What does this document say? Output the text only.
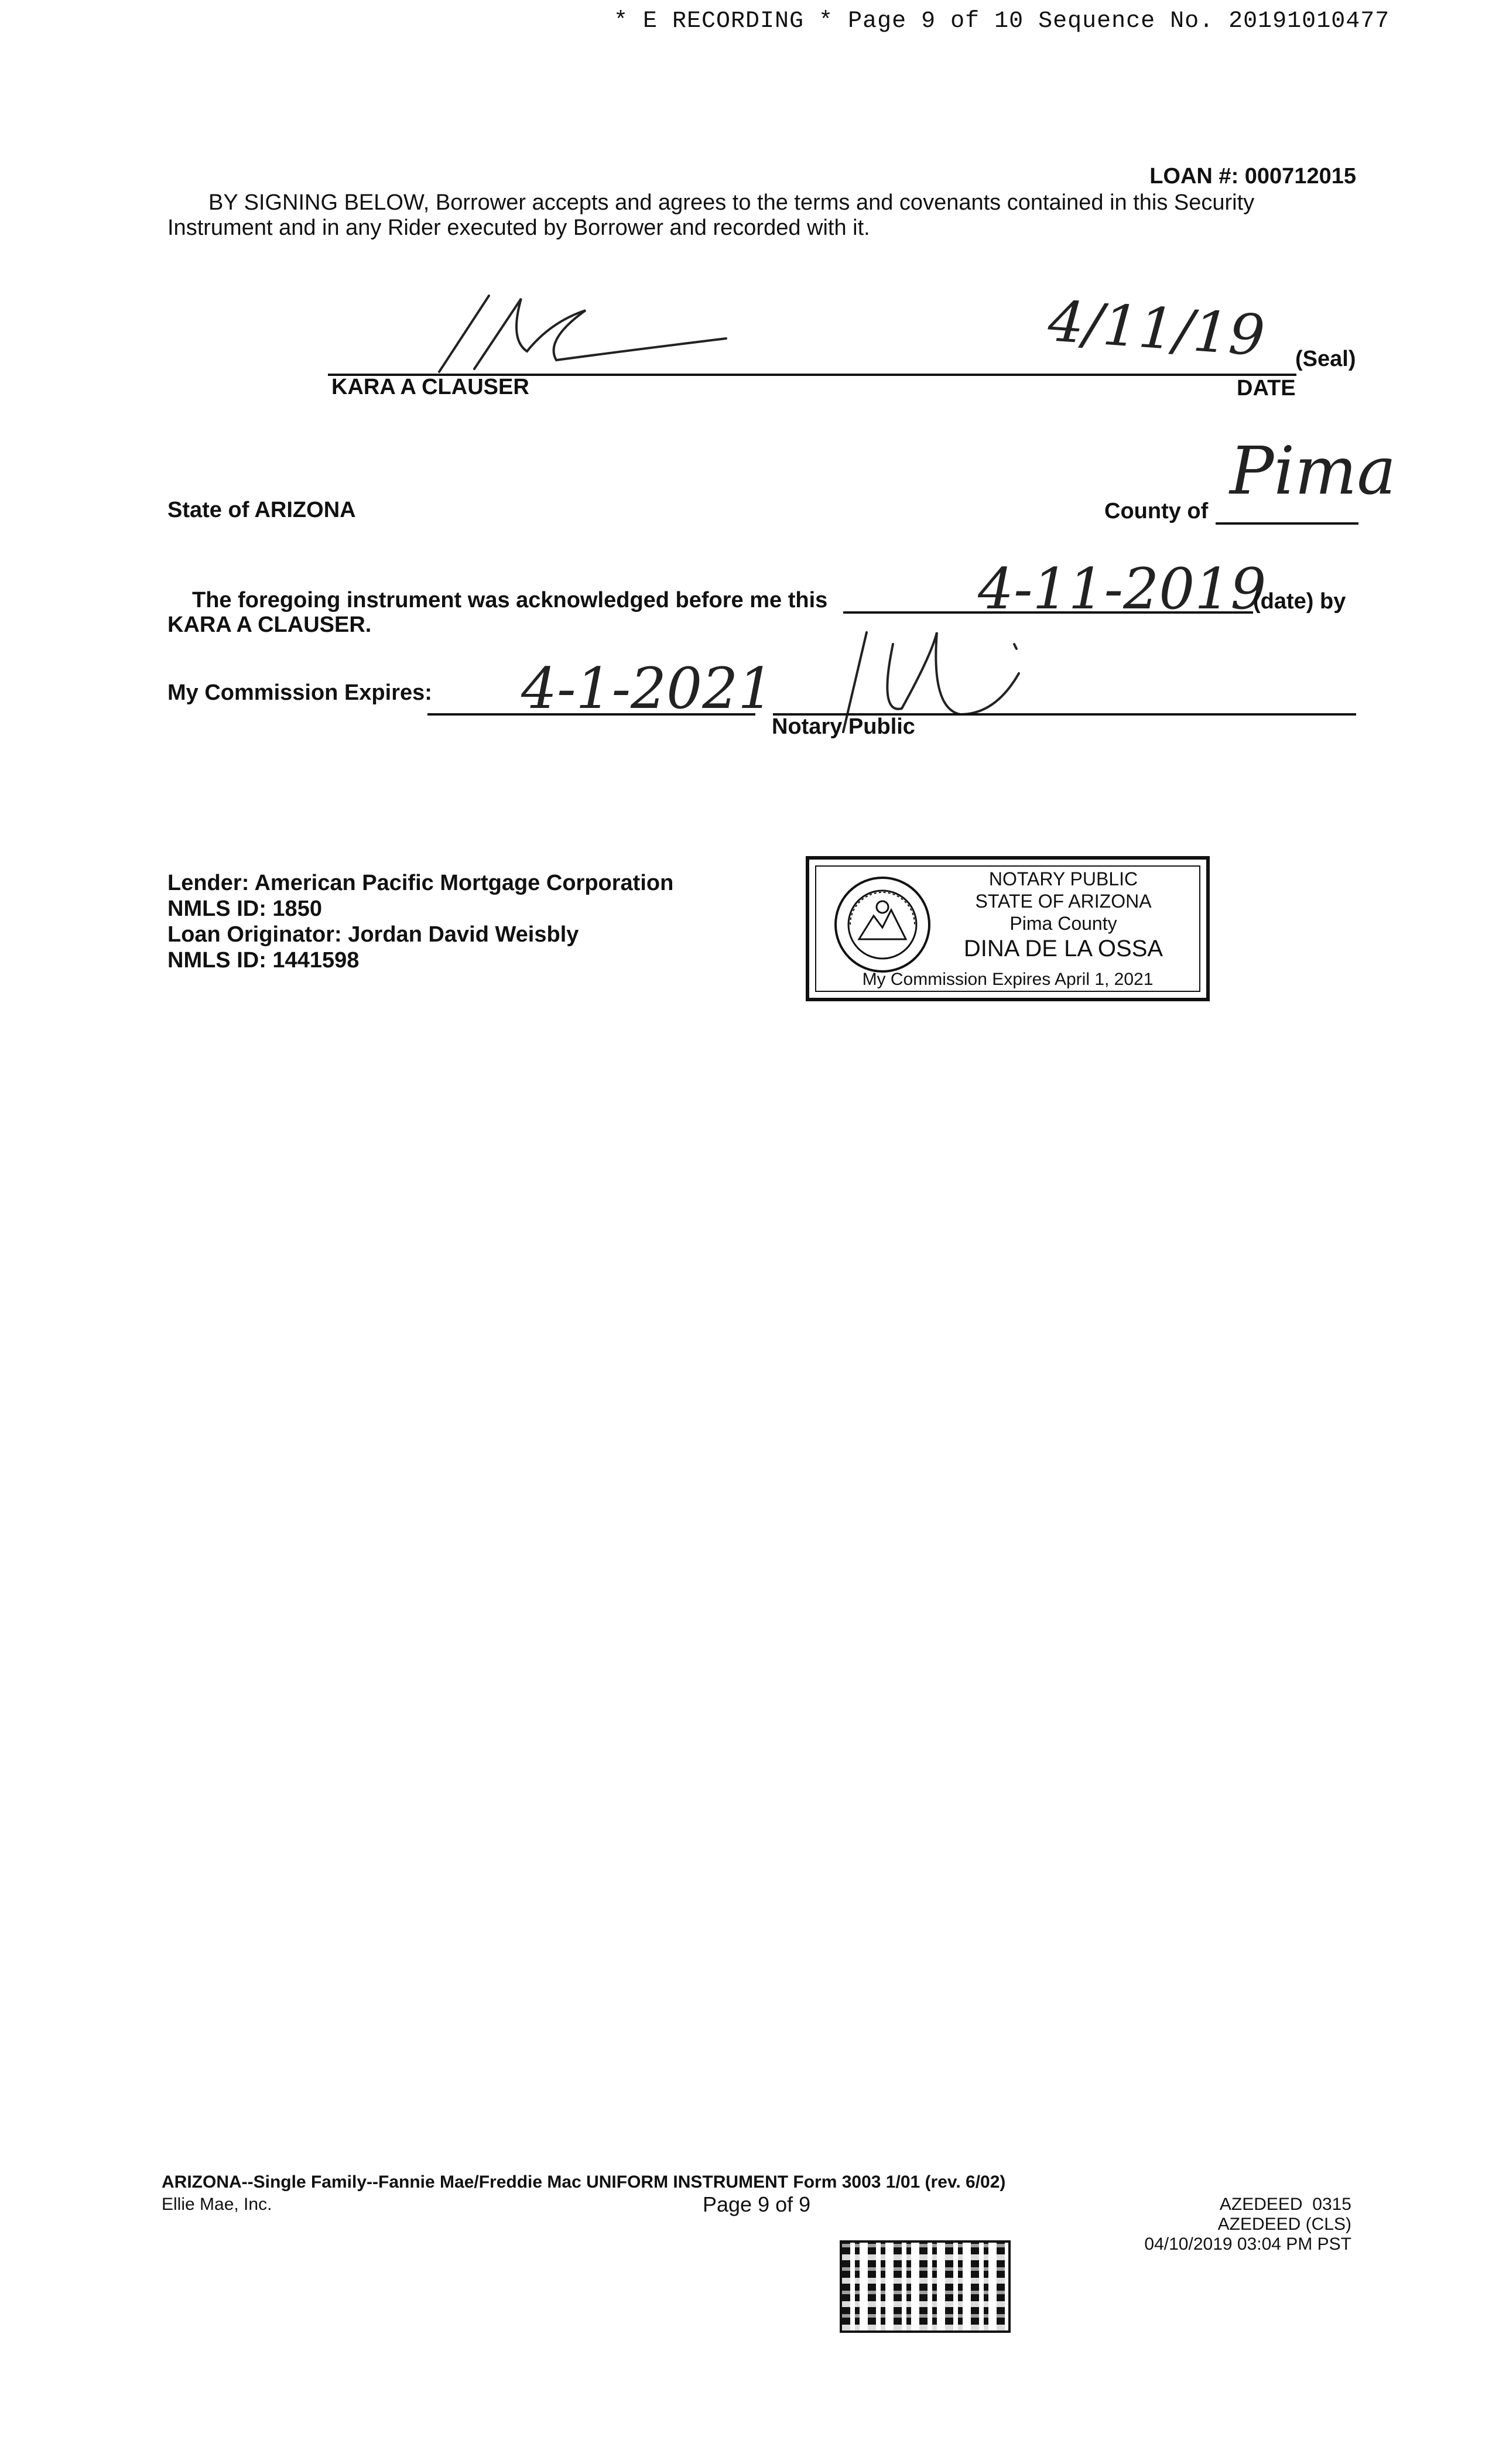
* E RECORDING * Page 9 of 10 Sequence No. 20191010477
LOAN #: 000712015
BY SIGNING BELOW, Borrower accepts and agrees to the terms and covenants contained in this Security
Instrument and in any Rider executed by Borrower and recorded with it.
4/11/19 (Seal)
KARA A CLAUSER	DATE
State of ARIZONA	County of
Pima
The foregoing instrument was acknowledged before me this	4-11-2019
(date) by
KARA A CLAUSER.
My Commission Expires: 4-1-2021
Notary Public
Lender: American Pacific Mortgage Corporation
NMLS ID: 1850
Loan Originator: Jordan David Weisbly
NMLS ID: 1441598
NOTARY PUBLIC
STATE OF ARIZONA
Pima County
DINA DE LA OSSA
My Commission Expires April 1, 2021
ARIZONA--Single Family--Fannie Mae/Freddie Mac UNIFORM INSTRUMENT Form 3003 1/01 (rev. 6/02)
Ellie Mae, Inc.	Page 9 of 9	AZEDEED  0315
AZEDEED (CLS)
04/10/2019 03:04 PM PST
